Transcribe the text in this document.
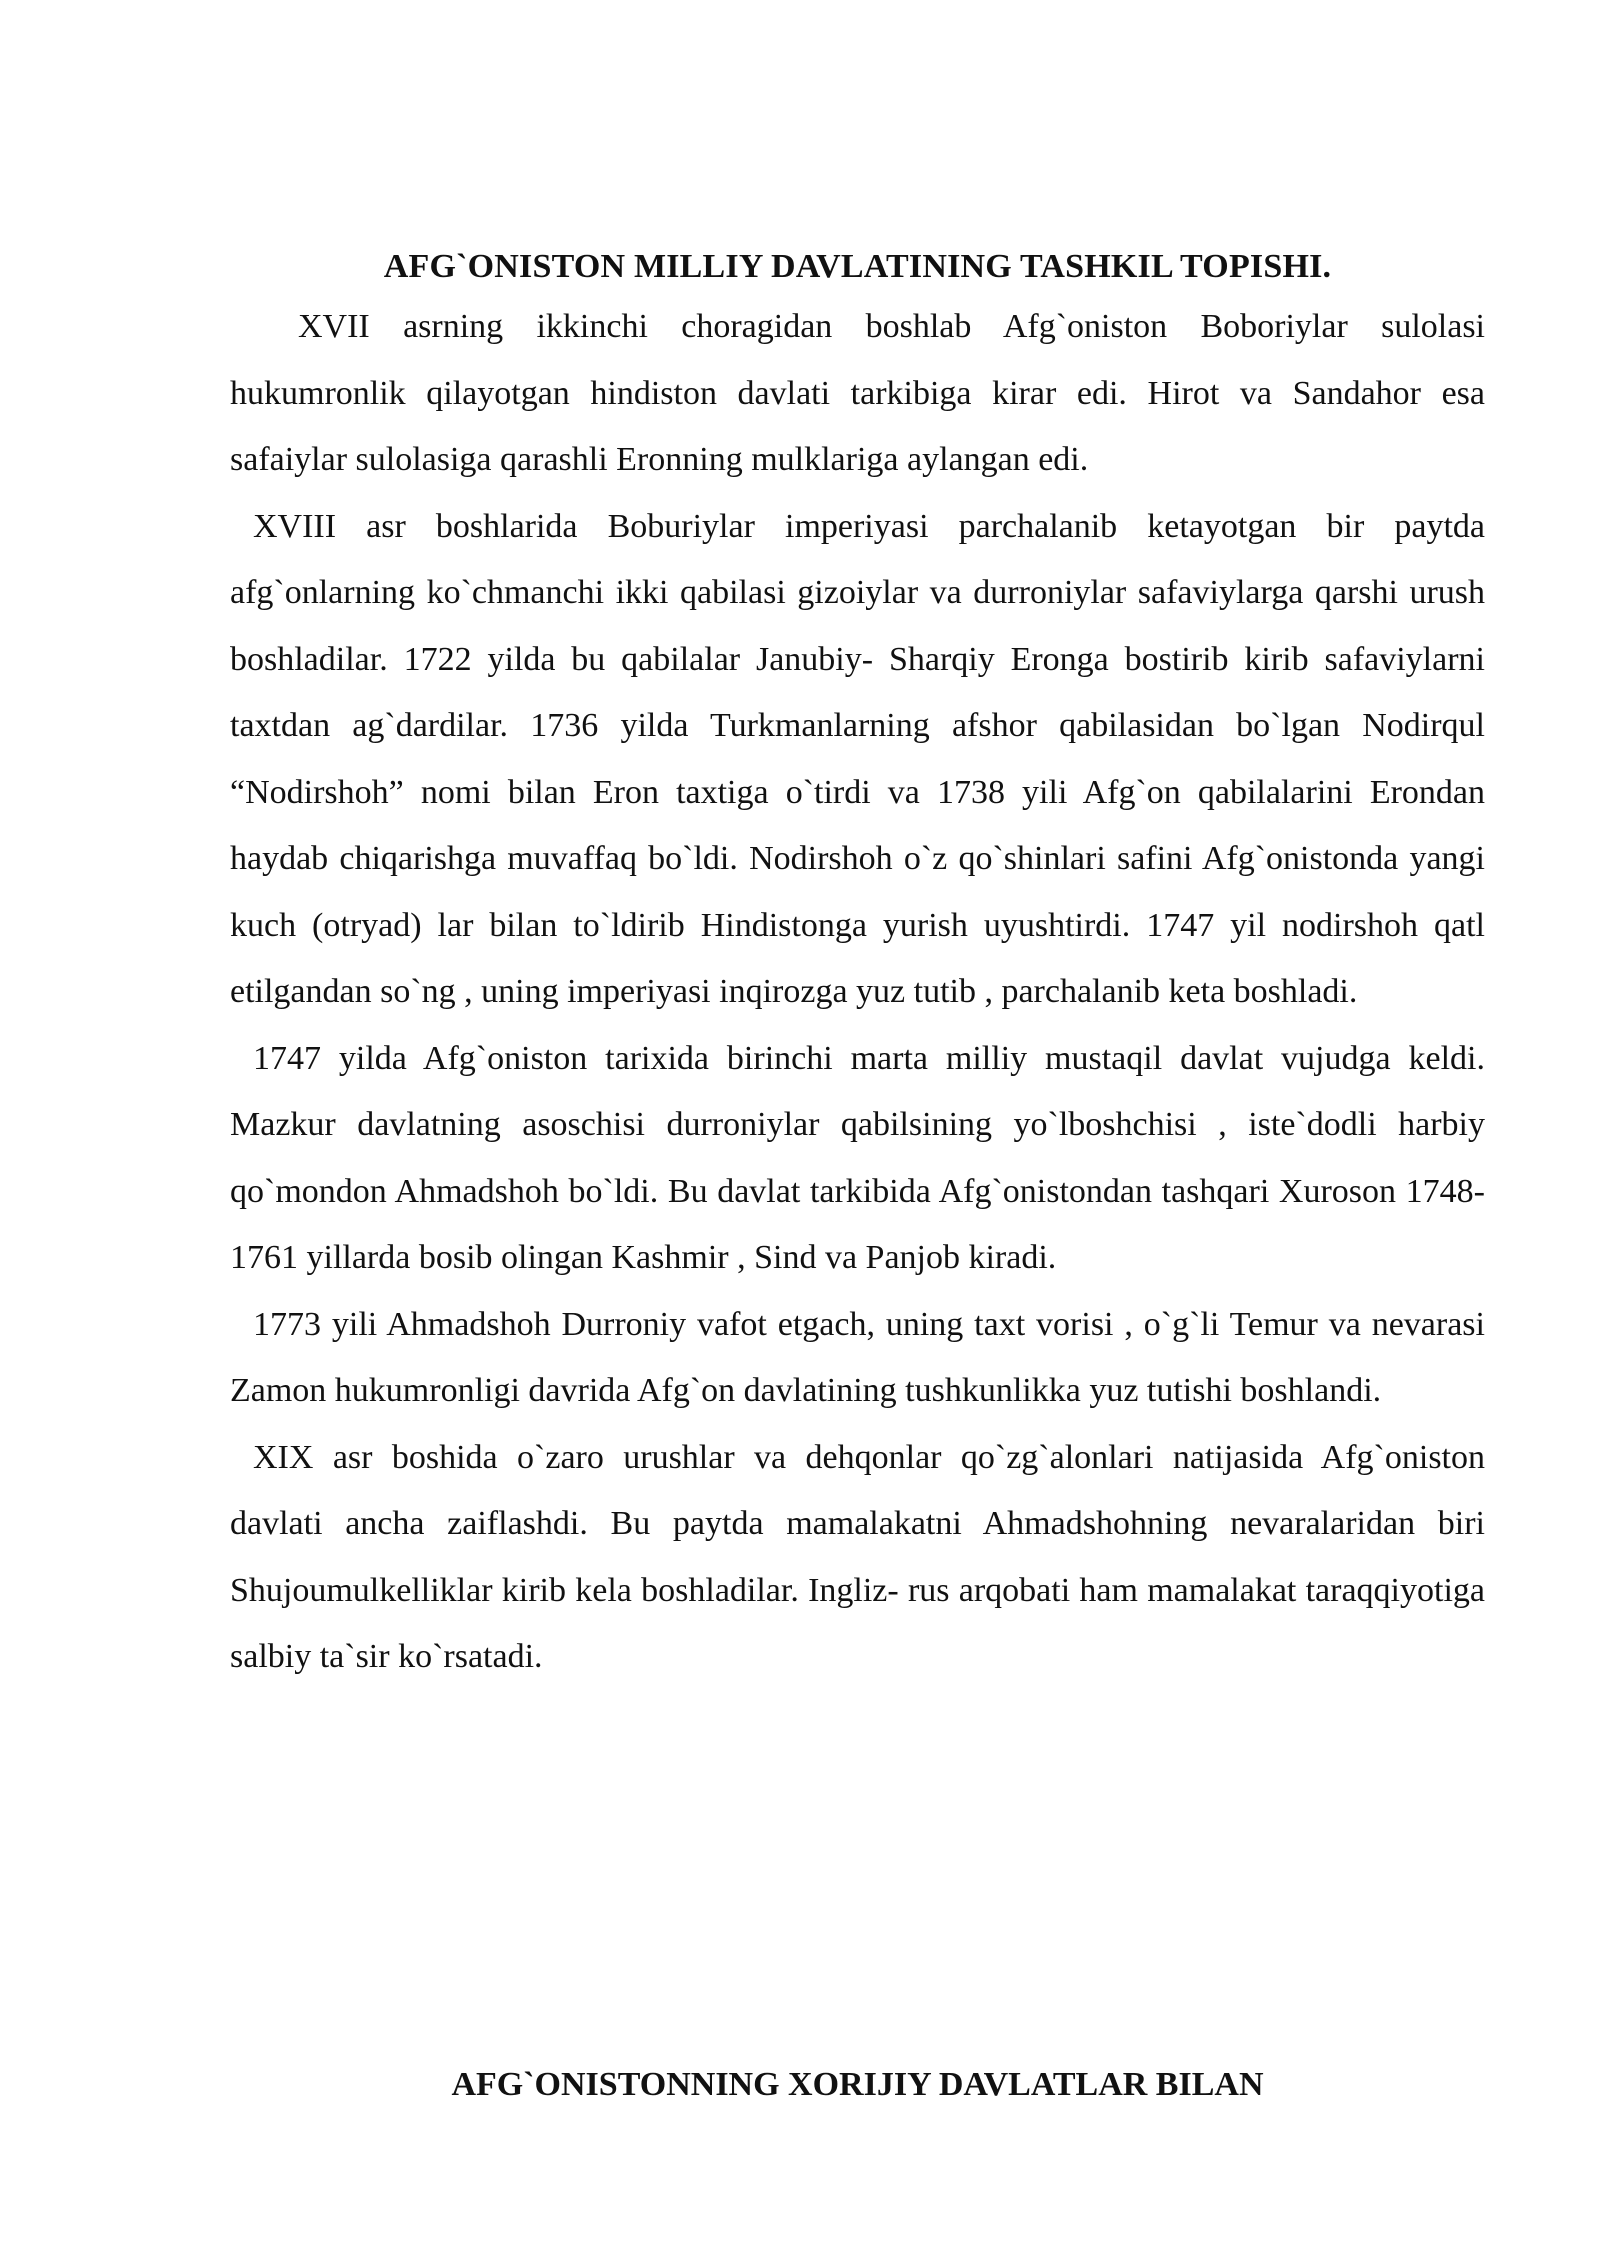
AFG`ONISTON MILLIY DAVLATINING TASHKIL TOPISHI.

XVII asrning ikkinchi choragidan boshlab Afg`oniston Boboriylar sulolasi hukumronlik qilayotgan hindiston davlati tarkibiga kirar edi. Hirot va Sandahor esa safaiylar sulolasiga qarashli Eronning mulklariga aylangan edi.

XVIII asr boshlarida Boburiylar imperiyasi parchalanib ketayotgan bir paytda afg`onlarning ko`chmanchi ikki qabilasi gizoiylar va durroniylar safaviylarga qarshi urush boshladilar. 1722 yilda bu qabilalar Janubiy- Sharqiy Eronga bostirib kirib safaviylarni taxtdan ag`dardilar. 1736 yilda Turkmanlarning afshor qabilasidan bo`lgan Nodirqul “Nodirshoh” nomi bilan Eron taxtiga o`tirdi va 1738 yili Afg`on qabilalarini Erondan haydab chiqarishga muvaffaq bo`ldi. Nodirshoh o`z qo`shinlari safini Afg`onistonda yangi kuch (otryad) lar bilan to`ldirib Hindistonga yurish uyushtirdi. 1747 yil nodirshoh qatl etilgandan so`ng , uning imperiyasi inqirozga yuz tutib , parchalanib keta boshladi.

1747 yilda Afg`oniston tarixida birinchi marta milliy mustaqil davlat vujudga keldi. Mazkur davlatning asoschisi durroniylar qabilsining yo`lboshchisi , iste`dodli harbiy qo`mondon Ahmadshoh bo`ldi. Bu davlat tarkibida Afg`onistondan tashqari Xuroson 1748-1761 yillarda bosib olingan Kashmir , Sind va Panjob kiradi.

1773 yili Ahmadshoh Durroniy vafot etgach, uning taxt vorisi , o`g`li Temur va nevarasi Zamon hukumronligi davrida Afg`on davlatining tushkunlikka yuz tutishi boshlandi.

XIX asr boshida o`zaro urushlar va dehqonlar qo`zg`alonlari natijasida Afg`oniston davlati ancha zaiflashdi. Bu paytda mamalakatni Ahmadshohning nevaralaridan biri Shujoumulkelliklar kirib kela boshladilar. Ingliz- rus arqobati ham mamalakat taraqqiyotiga salbiy ta`sir ko`rsatadi.

AFG`ONISTONNING XORIJIY DAVLATLAR BILAN
